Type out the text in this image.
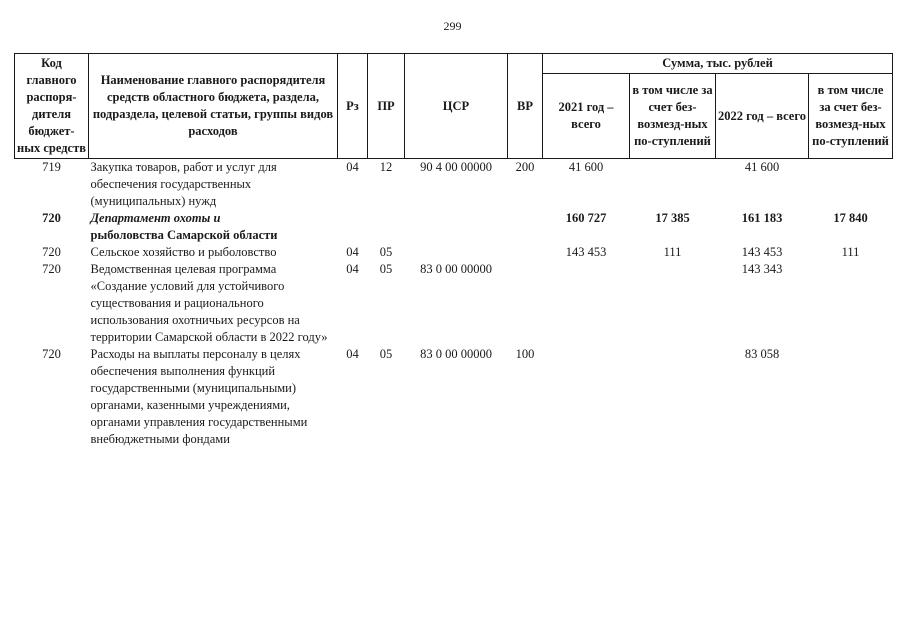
299
Код главного распоря-дителя бюджет-ных средств	Наименование главного распорядителя средств областного бюджета, раздела, подраздела, целевой статьи, группы видов расходов	Рз	ПР	ЦСР	ВР	Сумма, тыс. рублей			
						2021 год – всего	в том числе за счет без-возмезд-ных по-ступлений	2022 год – всего	в том числе за счет без-возмезд-ных по-ступлений
719	Закупка товаров, работ и услуг для обеспечения государственных (муниципальных) нужд	04	12	90 4 00 00000	200	41 600		41 600	
720	Департамент охоты и
рыболовства Самарской области					160 727	17 385	161 183	17 840
720	Сельское хозяйство и рыболовство	04	05			143 453	111	143 453	111
720	Ведомственная целевая программа «Создание условий для устойчивого существования и рационального использования охотничьих ресурсов на территории Самарской области в 2022 году»	04	05	83 0 00 00000				143 343	
720	Расходы на выплаты персоналу в целях обеспечения выполнения функций государственными (муниципальными) органами, казенными учреждениями, органами управления государственными внебюджетными фондами	04	05	83 0 00 00000	100			83 058	
